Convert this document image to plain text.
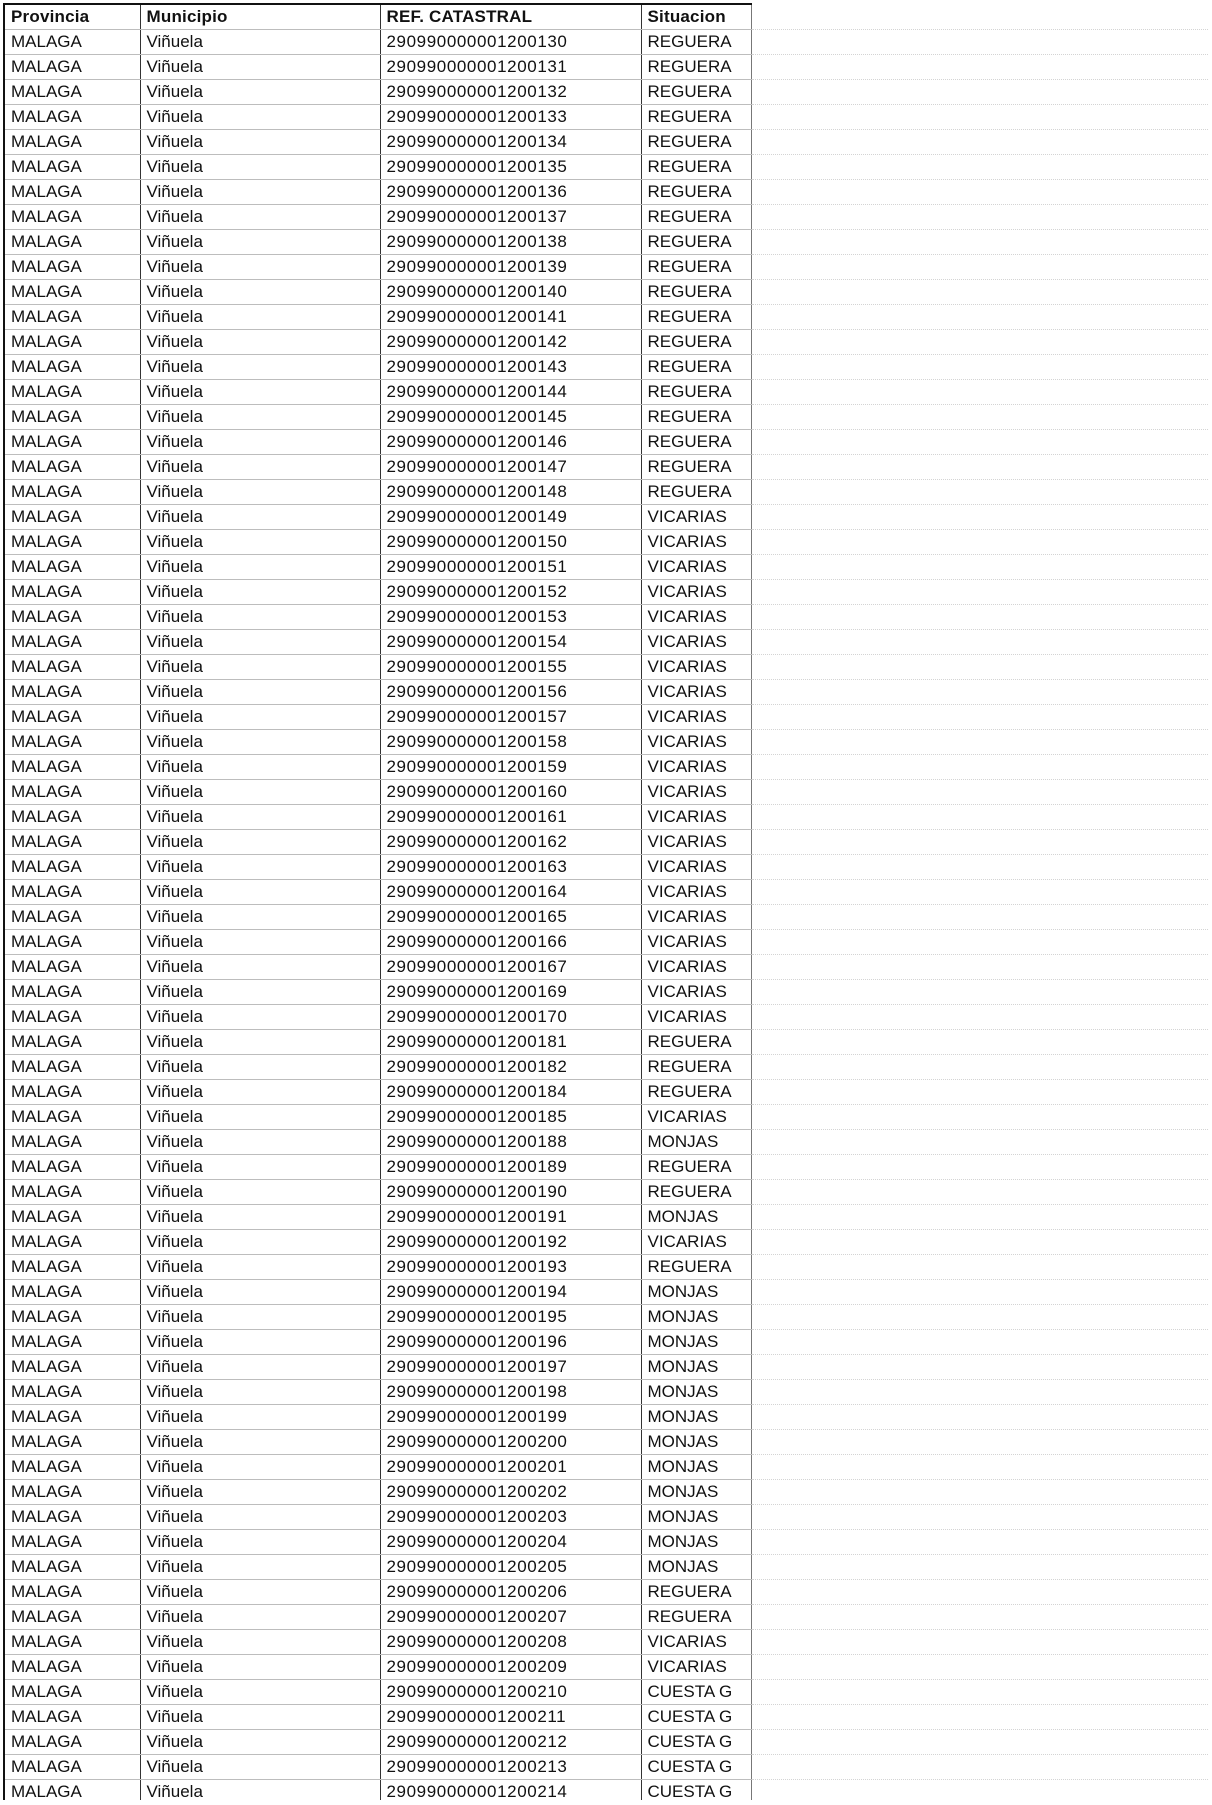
Provincia	Municipio	REF. CATASTRAL	Situacion	
MALAGA	Viñuela	290990000001200130	REGUERA	
MALAGA	Viñuela	290990000001200131	REGUERA	
MALAGA	Viñuela	290990000001200132	REGUERA	
MALAGA	Viñuela	290990000001200133	REGUERA	
MALAGA	Viñuela	290990000001200134	REGUERA	
MALAGA	Viñuela	290990000001200135	REGUERA	
MALAGA	Viñuela	290990000001200136	REGUERA	
MALAGA	Viñuela	290990000001200137	REGUERA	
MALAGA	Viñuela	290990000001200138	REGUERA	
MALAGA	Viñuela	290990000001200139	REGUERA	
MALAGA	Viñuela	290990000001200140	REGUERA	
MALAGA	Viñuela	290990000001200141	REGUERA	
MALAGA	Viñuela	290990000001200142	REGUERA	
MALAGA	Viñuela	290990000001200143	REGUERA	
MALAGA	Viñuela	290990000001200144	REGUERA	
MALAGA	Viñuela	290990000001200145	REGUERA	
MALAGA	Viñuela	290990000001200146	REGUERA	
MALAGA	Viñuela	290990000001200147	REGUERA	
MALAGA	Viñuela	290990000001200148	REGUERA	
MALAGA	Viñuela	290990000001200149	VICARIAS	
MALAGA	Viñuela	290990000001200150	VICARIAS	
MALAGA	Viñuela	290990000001200151	VICARIAS	
MALAGA	Viñuela	290990000001200152	VICARIAS	
MALAGA	Viñuela	290990000001200153	VICARIAS	
MALAGA	Viñuela	290990000001200154	VICARIAS	
MALAGA	Viñuela	290990000001200155	VICARIAS	
MALAGA	Viñuela	290990000001200156	VICARIAS	
MALAGA	Viñuela	290990000001200157	VICARIAS	
MALAGA	Viñuela	290990000001200158	VICARIAS	
MALAGA	Viñuela	290990000001200159	VICARIAS	
MALAGA	Viñuela	290990000001200160	VICARIAS	
MALAGA	Viñuela	290990000001200161	VICARIAS	
MALAGA	Viñuela	290990000001200162	VICARIAS	
MALAGA	Viñuela	290990000001200163	VICARIAS	
MALAGA	Viñuela	290990000001200164	VICARIAS	
MALAGA	Viñuela	290990000001200165	VICARIAS	
MALAGA	Viñuela	290990000001200166	VICARIAS	
MALAGA	Viñuela	290990000001200167	VICARIAS	
MALAGA	Viñuela	290990000001200169	VICARIAS	
MALAGA	Viñuela	290990000001200170	VICARIAS	
MALAGA	Viñuela	290990000001200181	REGUERA	
MALAGA	Viñuela	290990000001200182	REGUERA	
MALAGA	Viñuela	290990000001200184	REGUERA	
MALAGA	Viñuela	290990000001200185	VICARIAS	
MALAGA	Viñuela	290990000001200188	MONJAS	
MALAGA	Viñuela	290990000001200189	REGUERA	
MALAGA	Viñuela	290990000001200190	REGUERA	
MALAGA	Viñuela	290990000001200191	MONJAS	
MALAGA	Viñuela	290990000001200192	VICARIAS	
MALAGA	Viñuela	290990000001200193	REGUERA	
MALAGA	Viñuela	290990000001200194	MONJAS	
MALAGA	Viñuela	290990000001200195	MONJAS	
MALAGA	Viñuela	290990000001200196	MONJAS	
MALAGA	Viñuela	290990000001200197	MONJAS	
MALAGA	Viñuela	290990000001200198	MONJAS	
MALAGA	Viñuela	290990000001200199	MONJAS	
MALAGA	Viñuela	290990000001200200	MONJAS	
MALAGA	Viñuela	290990000001200201	MONJAS	
MALAGA	Viñuela	290990000001200202	MONJAS	
MALAGA	Viñuela	290990000001200203	MONJAS	
MALAGA	Viñuela	290990000001200204	MONJAS	
MALAGA	Viñuela	290990000001200205	MONJAS	
MALAGA	Viñuela	290990000001200206	REGUERA	
MALAGA	Viñuela	290990000001200207	REGUERA	
MALAGA	Viñuela	290990000001200208	VICARIAS	
MALAGA	Viñuela	290990000001200209	VICARIAS	
MALAGA	Viñuela	290990000001200210	CUESTA G	
MALAGA	Viñuela	290990000001200211	CUESTA G	
MALAGA	Viñuela	290990000001200212	CUESTA G	
MALAGA	Viñuela	290990000001200213	CUESTA G	
MALAGA	Viñuela	290990000001200214	CUESTA G	
